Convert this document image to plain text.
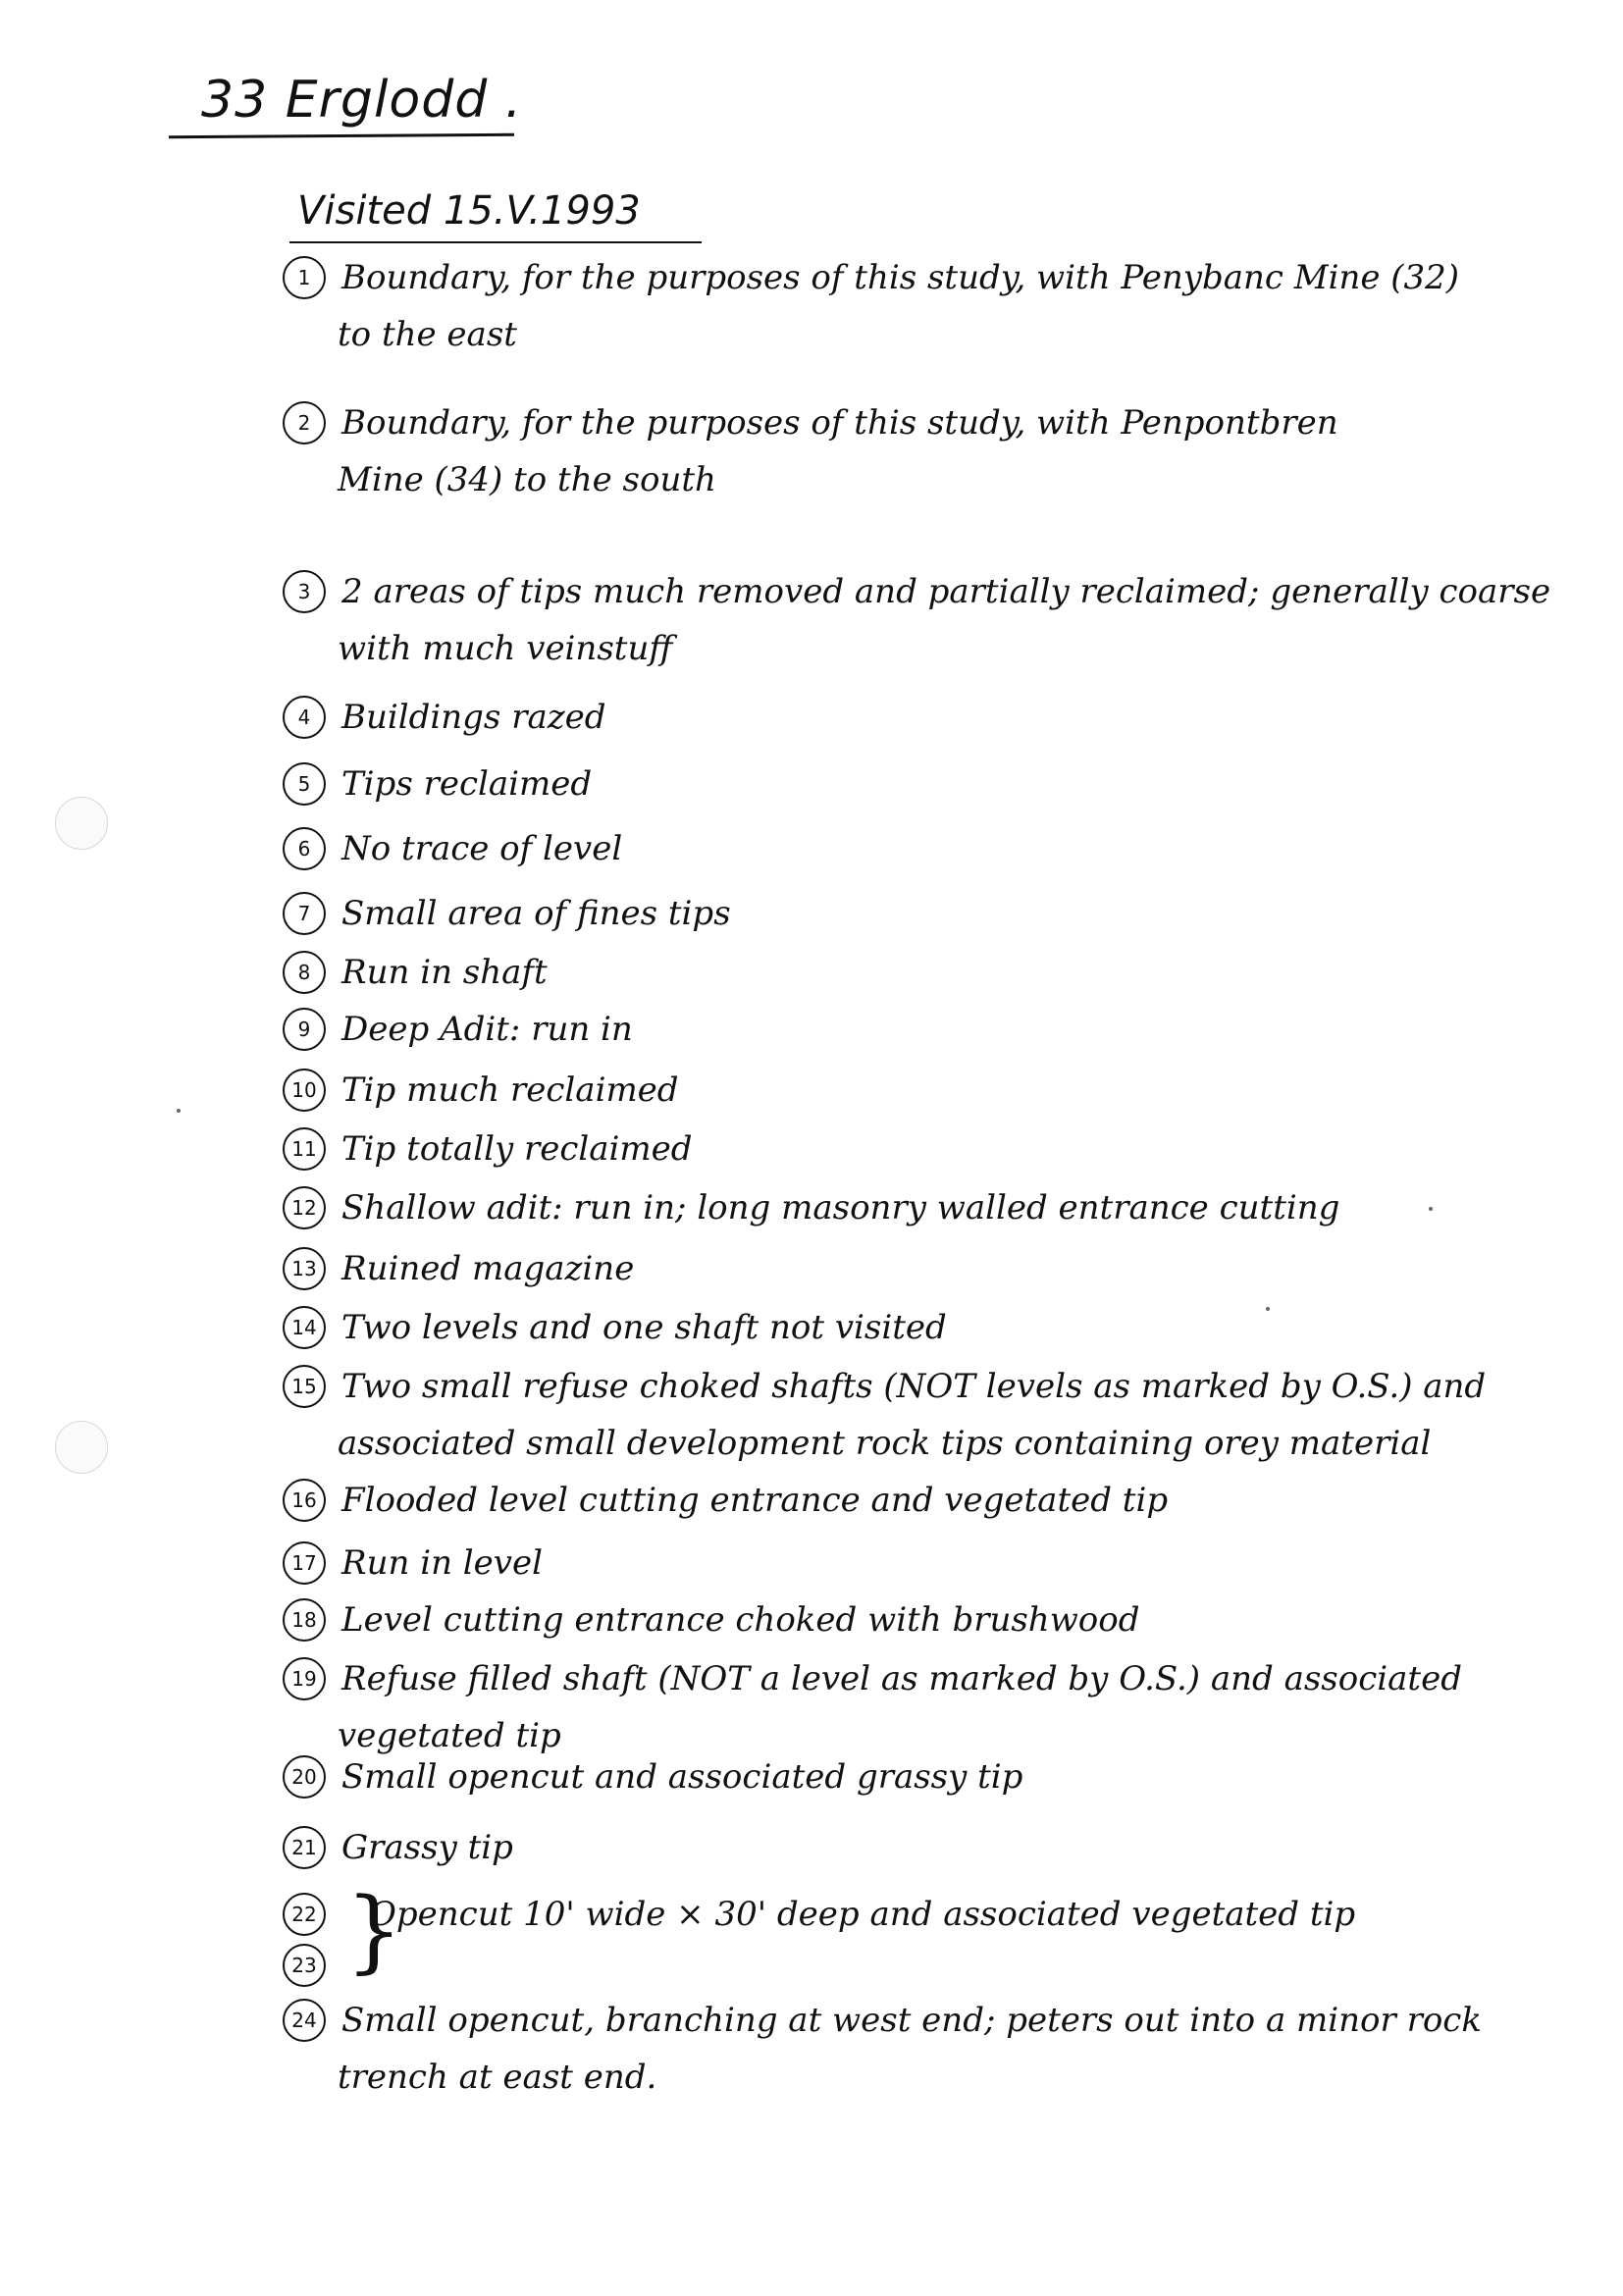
33 Erglodd .
Visited 15.V.1993
1 Boundary, for the purposes of this study, with Penybanc Mine (32)
to the east
2 Boundary, for the purposes of this study, with Penpontbren
Mine (34) to the south
3 2 areas of tips much removed and partially reclaimed; generally coarse
with much veinstuff
4 Buildings razed
5 Tips reclaimed
6 No trace of level
7 Small area of fines tips
8 Run in shaft
9 Deep Adit: run in
10 Tip much reclaimed
11 Tip totally reclaimed
12 Shallow adit: run in; long masonry walled entrance cutting
13 Ruined magazine
14 Two levels and one shaft not visited
15 Two small refuse choked shafts (NOT levels as marked by O.S.) and
associated small development rock tips containing orey material
16 Flooded level cutting entrance and vegetated tip
17 Run in level
18 Level cutting entrance choked with brushwood
19 Refuse filled shaft (NOT a level as marked by O.S.) and associated
vegetated tip
20 Small opencut and associated grassy tip
21 Grassy tip
22 Opencut 10' wide × 30' deep and associated vegetated tip
23 }
24 Small opencut, branching at west end; peters out into a minor rock
trench at east end.
